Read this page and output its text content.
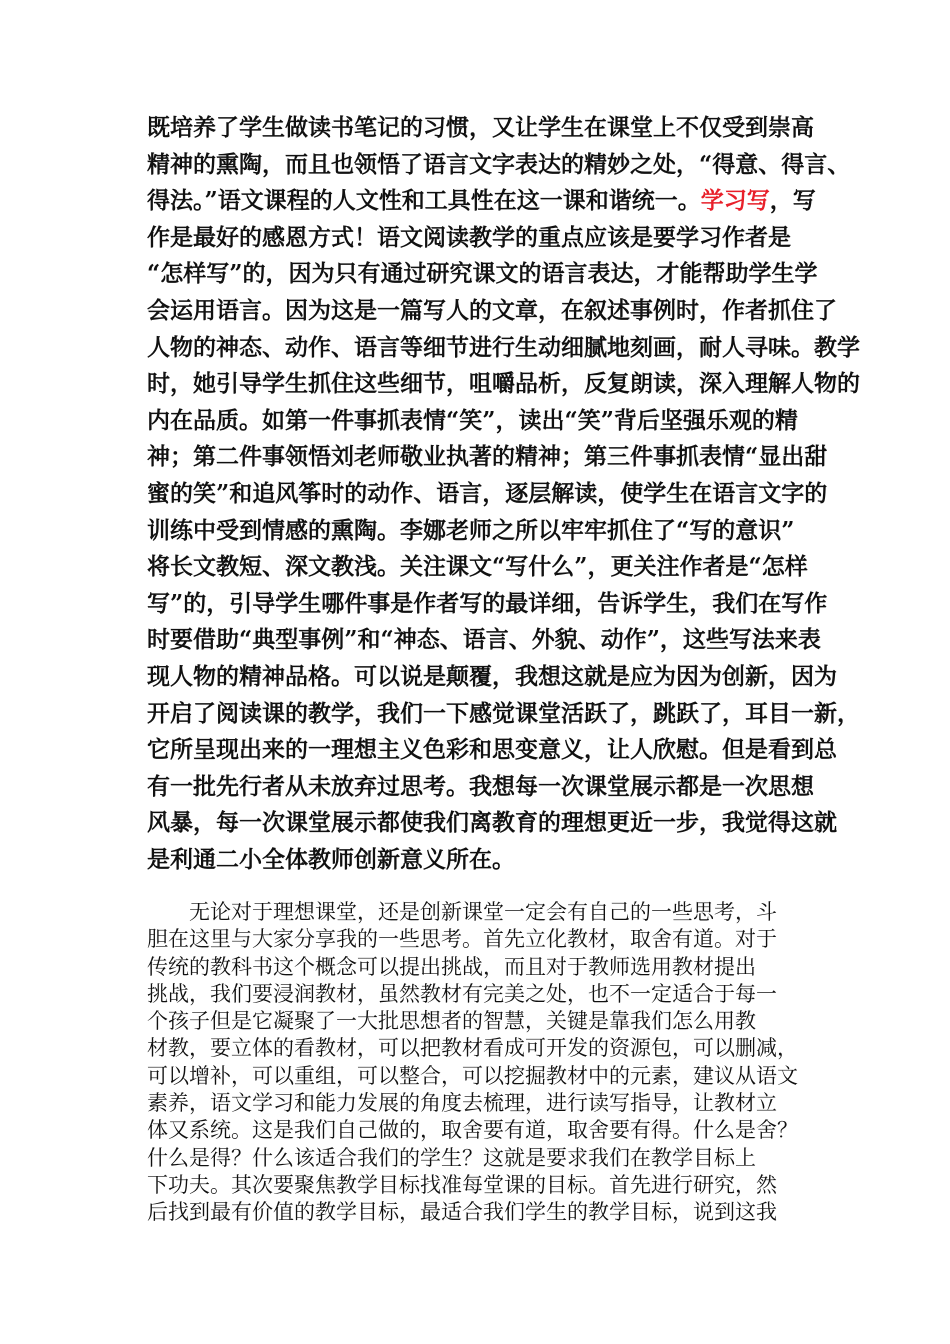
既培养了学生做读书笔记的习惯，又让学生在课堂上不仅受到崇高
精神的熏陶，而且也领悟了语言文字表达的精妙之处，“得意、得言、
得法。”语文课程的人文性和工具性在这一课和谐统一。学习写，写
作是最好的感恩方式！语文阅读教学的重点应该是要学习作者是
“怎样写”的，因为只有通过研究课文的语言表达，才能帮助学生学
会运用语言。因为这是一篇写人的文章，在叙述事例时，作者抓住了
人物的神态、动作、语言等细节进行生动细腻地刻画，耐人寻味。教学
时，她引导学生抓住这些细节，咀嚼品析，反复朗读，深入理解人物的
内在品质。如第一件事抓表情“笑”，读出“笑”背后坚强乐观的精
神；第二件事领悟刘老师敬业执著的精神；第三件事抓表情“显出甜
蜜的笑”和追风筝时的动作、语言，逐层解读，使学生在语言文字的
训练中受到情感的熏陶。李娜老师之所以牢牢抓住了“写的意识”
将长文教短、深文教浅。关注课文“写什么”，更关注作者是“怎样
写”的，引导学生哪件事是作者写的最详细，告诉学生，我们在写作
时要借助“典型事例”和“神态、语言、外貌、动作”，这些写法来表
现人物的精神品格。可以说是颠覆，我想这就是应为因为创新，因为
开启了阅读课的教学，我们一下感觉课堂活跃了，跳跃了，耳目一新，
它所呈现出来的一理想主义色彩和思变意义，让人欣慰。但是看到总
有一批先行者从未放弃过思考。我想每一次课堂展示都是一次思想
风暴，每一次课堂展示都使我们离教育的理想更近一步，我觉得这就
是利通二小全体教师创新意义所在。
　　无论对于理想课堂，还是创新课堂一定会有自己的一些思考，斗
胆在这里与大家分享我的一些思考。首先立化教材，取舍有道。对于
传统的教科书这个概念可以提出挑战，而且对于教师选用教材提出
挑战，我们要浸润教材，虽然教材有完美之处，也不一定适合于每一
个孩子但是它凝聚了一大批思想者的智慧，关键是靠我们怎么用教
材教，要立体的看教材，可以把教材看成可开发的资源包，可以删减，
可以增补，可以重组，可以整合，可以挖掘教材中的元素，建议从语文
素养，语文学习和能力发展的角度去梳理，进行读写指导，让教材立
体又系统。这是我们自己做的，取舍要有道，取舍要有得。什么是舍？
什么是得？什么该适合我们的学生？这就是要求我们在教学目标上
下功夫。其次要聚焦教学目标找准每堂课的目标。首先进行研究，然
后找到最有价值的教学目标，最适合我们学生的教学目标，说到这我
